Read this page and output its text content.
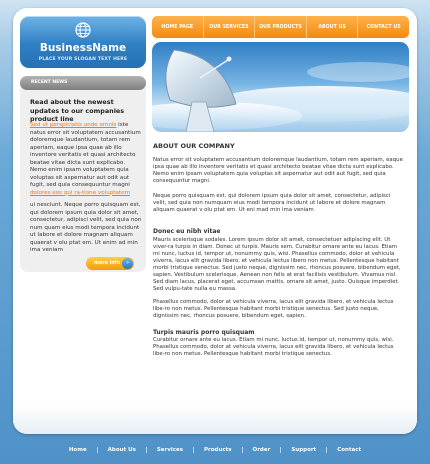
BusinessName
PLACE YOUR SLOGAN TEXT HERE
HOME PAGE	OUR SERVICES	OUR PRODUCTS	ABOUT US	CONTACT US
RECENT NEWS
Read about the newest updates to our companies product line
Sed ut perspiciatis unde omnis iste natus error sit voluptatem accusantium doloremque laudantium, totam rem aperiam, eaque ipsa quae ab illo inventore veritatis et quasi architecto beatae vitae dicta sunt explicabo. Nemo enim ipsam voluptatem quia voluptas sit aspernatur aut odit aut fugit, sed quia consequuntur magni dolores eos qui ra-tione voluptatem
ui nesciunt. Neque porro quisquam est, qui dolorem ipsum quia dolor sit amet, consectetur, adipisci velit, sed quia non num quam eius modi tempora incidunt ut labore et dolore magnam aliquam quaerat v olu ptat em. Ut enim ad min ima veniam
more info	»
ABOUT OUR COMPANY

Natus error sit voluptatem accusantium doloremque laudantium, totam rem aperiam, eaque ipsa quae ab illo inventore veritatis et quasi architecto beatae vitae dicta sunt explicabo. Nemo enim ipsam voluptatem quia voluptas sit aspernatur aut odit aut fugit, sed quia consequuntur magni.

Neque porro quisquam est, qui dolorem ipsum quia dolor sit amet, consectetur, adipisci velit, sed quia non numquam eius modi tempora incidunt ut labore et dolore magnam aliquam quaerat v olu ptat em. Ut eni mad min ima veniam

Donec eu nibh vitae

Mauris scelerisque sodales. Lorem ipsum dolor sit amet, consectetuer adipiscing elit. Ut viver-ra turpis in diam. Donec ut turpis. Mauris sem. Curabitur ornare ante eu lacus. Etiam mi nunc, luctus id, tempor ut, nonummy quis, wisi. Phasellus commodo, dolor at vehicula viverra, lacus elit gravida libero, et vehicula lectus libero non metus. Pellentesque habitant morbi tristique senectus. Sed justo neque, dignissim nec, rhoncus posuere, bibendum eget, sapien. Vestibulum scelerisque. Aenean non felis at erat facilisis vestibulum. Vivamus nisl. Sed diam lacus, placerat eget, accumsan mattis, ornare sit amet, justo. Quisque imperdiet. Sed vulpu-tate nulla eu massa.

Phasellus commodo, dolor at vehicula viverra, lacus elit gravida libero, et vehicula lectus libe-ro non metus. Pellentesque habitant morbi tristique senectus. Sed justo neque, dignissim nec, rhoncus posuere, bibendum eget, sapien.

Turpis mauris porro quisquam

Curabitur ornare ante eu lacus. Etiam mi nunc, luctus id, tempor ut, nonummy quis, wisi. Phasellus commodo, dolor at vehicula viverra, lacus elit gravida libero, et vehicula lectus libe-ro non metus. Pellentesque habitant morbi tristique senectus.

Home	About Us	Services	Products	Order	Support	Contact
